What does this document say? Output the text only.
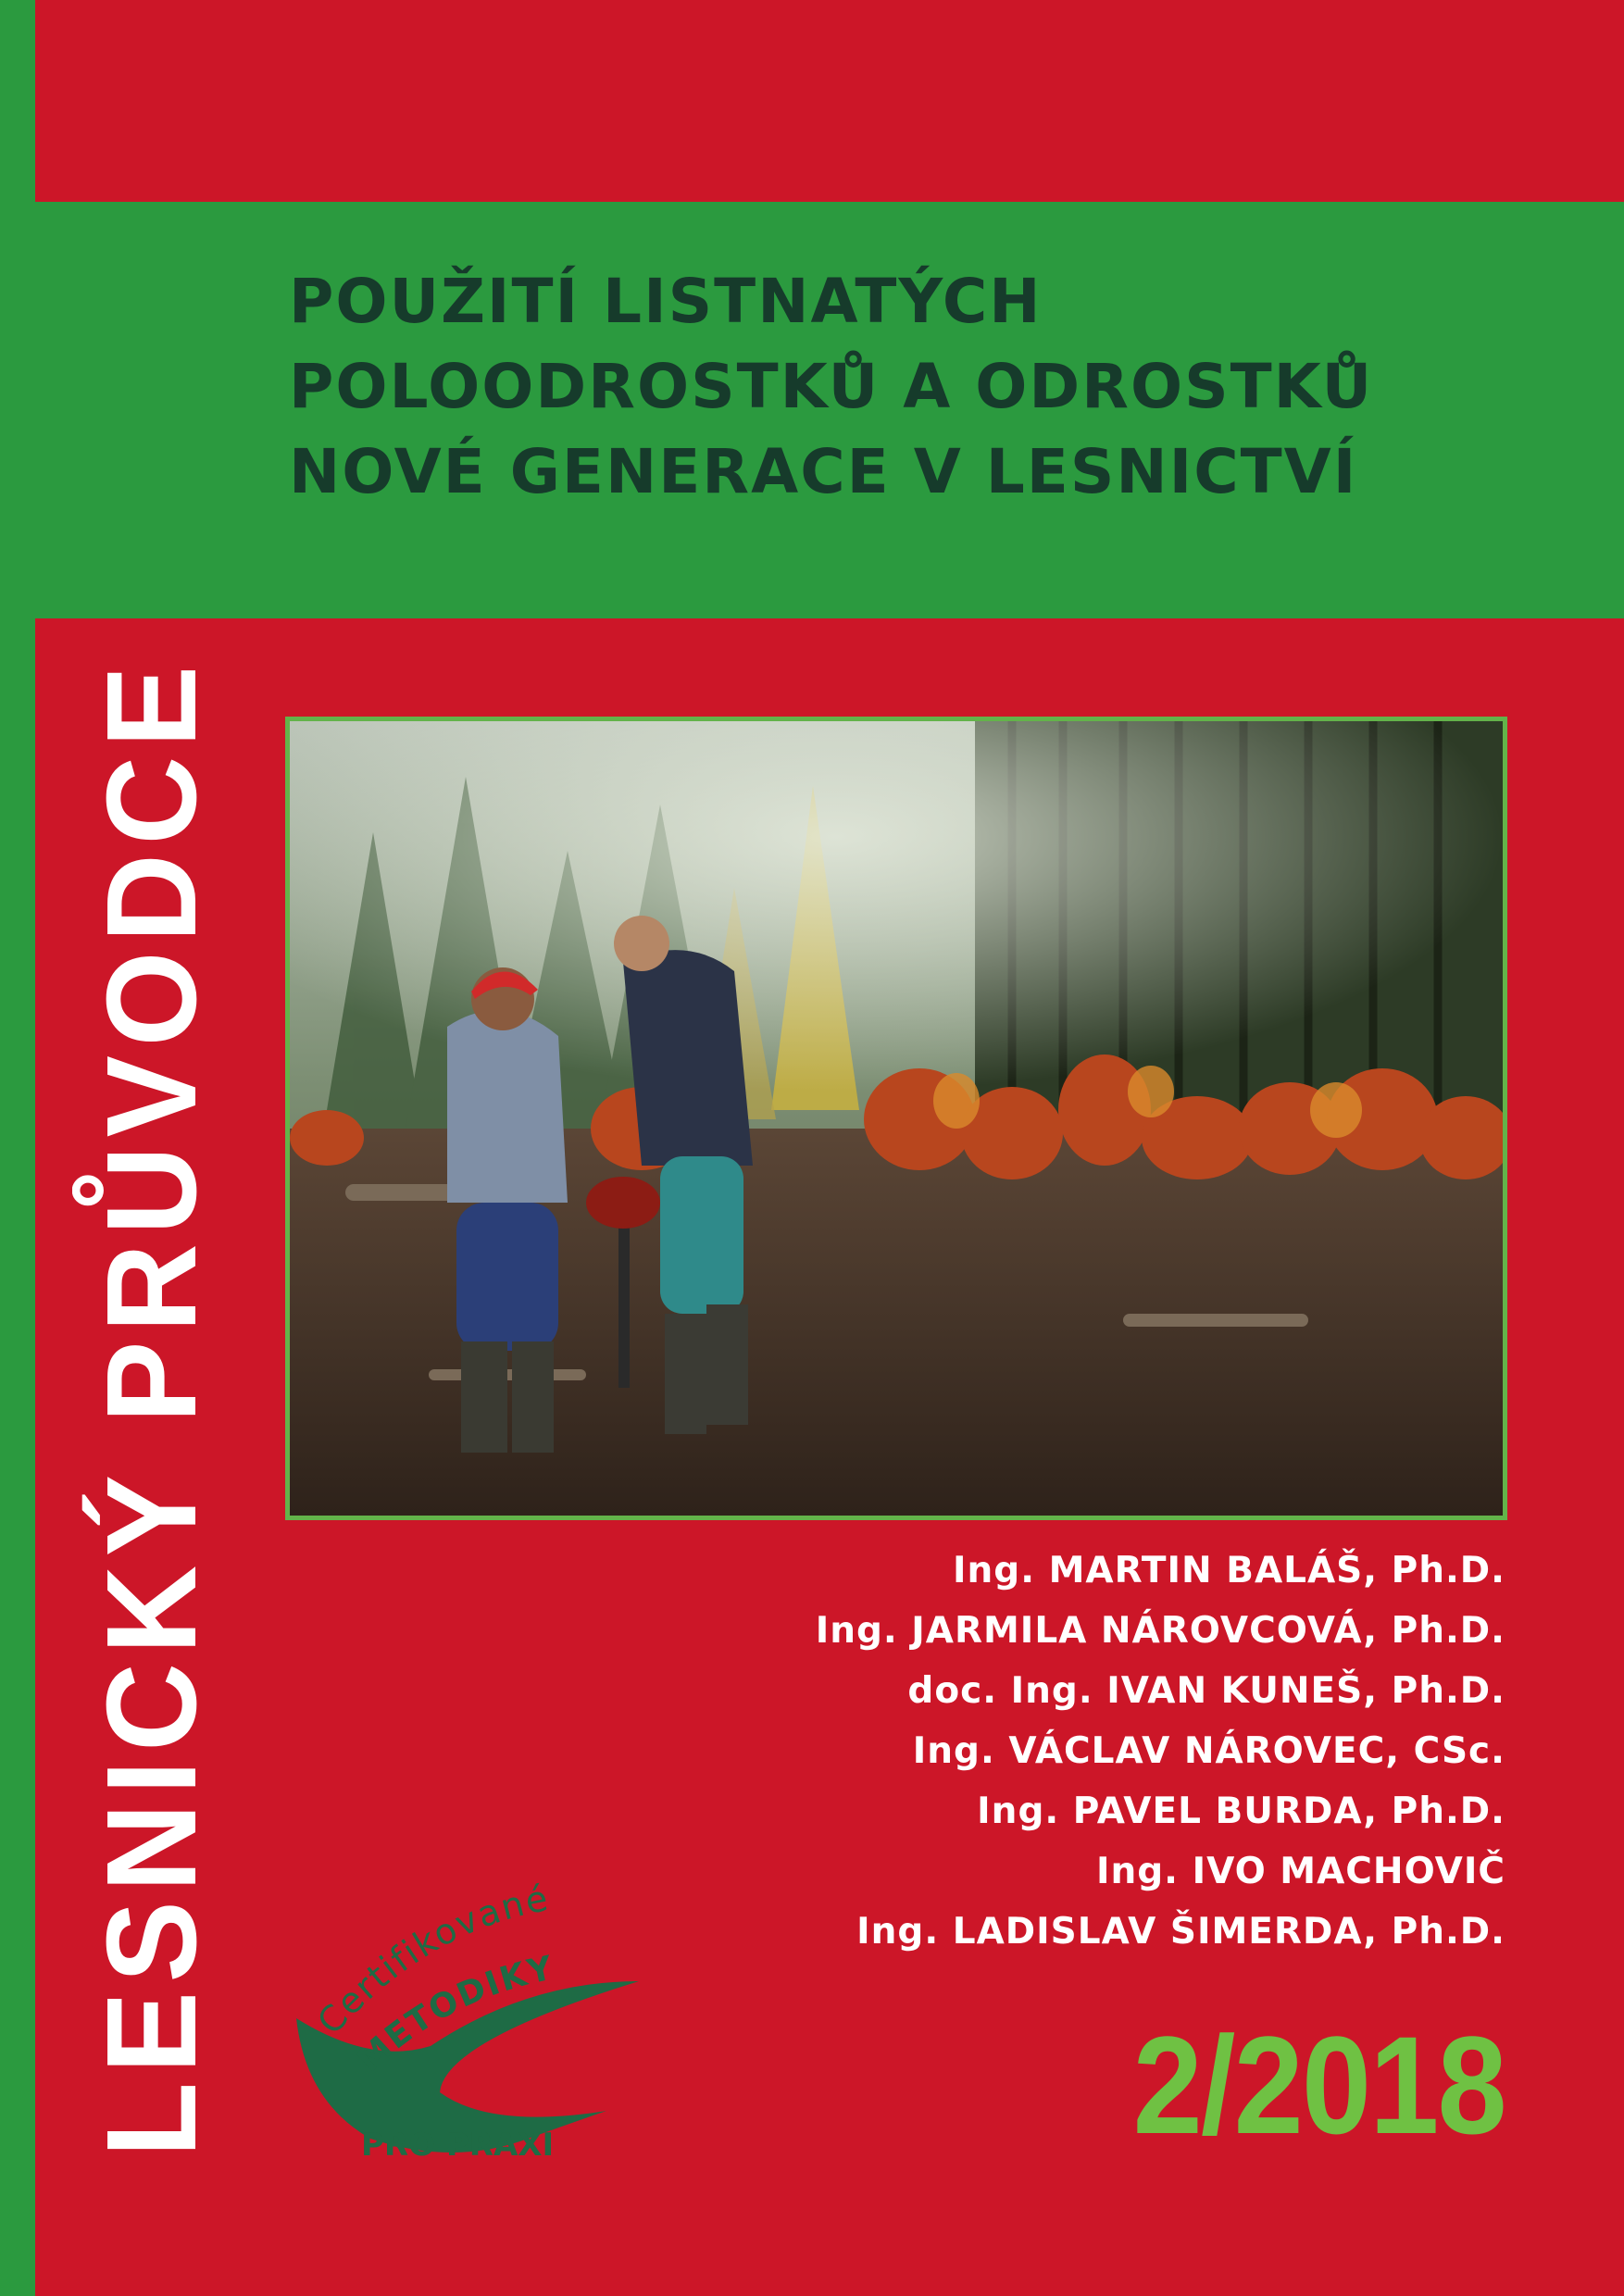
POUŽITÍ LISTNATÝCH
POLOODROSTKŮ A ODROSTKŮ
NOVÉ GENERACE V LESNICTVÍ
LESNICKÝ PRŮVODCE	Ing. MARTIN BALÁŠ, Ph.D.
Ing. JARMILA NÁROVCOVÁ, Ph.D.
doc. Ing. IVAN KUNEŠ, Ph.D.
Ing. VÁCLAV NÁROVEC, CSc.
Ing. PAVEL BURDA, Ph.D.
Ing. IVO MACHOVIČ
Ing. LADISLAV ŠIMERDA, Ph.D.
Certifikované
METODIKY
PRO PRAXI	2/2018
